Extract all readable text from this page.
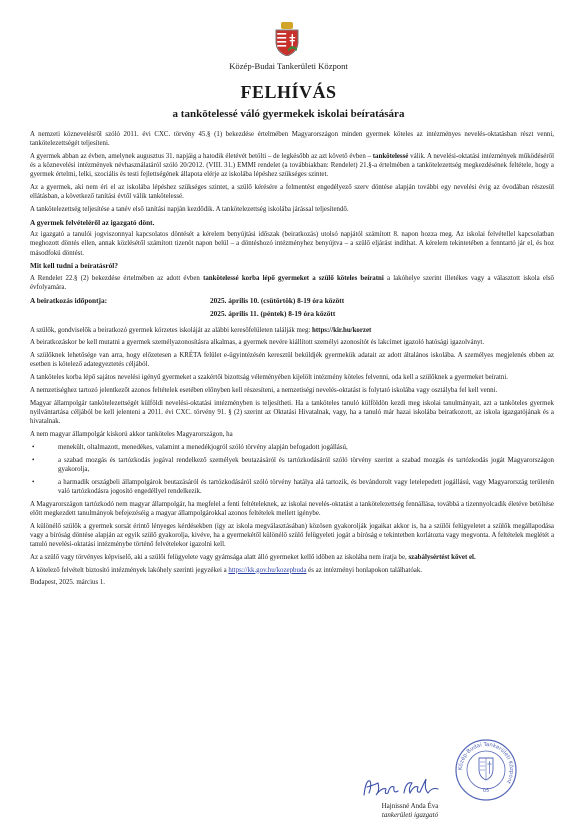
Közép-Budai Tankerületi Központ
FELHÍVÁS
a tankötelessé váló gyermekek iskolai beíratására

A nemzeti köznevelésről szóló 2011. évi CXC. törvény 45.§ (1) bekezdése értelmében Magyarországon minden gyermek köteles az intézményes nevelés-oktatásban részt venni, tankötelezettségét teljesíteni.

A gyermek abban az évben, amelynek augusztus 31. napjáig a hatodik életévét betölti – de legkésőbb az azt követő évben – tankötelessé válik. A nevelési-oktatási intézmények működéséről és a köznevelési intézmények névhasználatáról szóló 20/2012. (VIII. 31.) EMMI rendelet (a továbbiakban: Rendelet) 21.§-a értelmében a tankötelezettség megkezdésének feltétele, hogy a gyermek értelmi, lelki, szociális és testi fejlettségének állapota elérje az iskolába lépéshez szükséges szintet.

Az a gyermek, aki nem éri el az iskolába lépéshez szükséges szintet, a szülő kérésére a felmentést engedélyező szerv döntése alapján további egy nevelési évig az óvodában részesül ellátásban, a következő tanítási évtől válik tankötelessé.

A tankötelezettség teljesítése a tanév első tanítási napján kezdődik. A tankötelezettség iskolába járással teljesítendő.

A gyermek felvételéről az igazgató dönt.

Az igazgató a tanulói jogviszonnyal kapcsolatos döntését a kérelem benyújtási időszak (beiratkozás) utolsó napjától számított 8. napon hozza meg. Az iskolai felvétellel kapcsolatban meghozott döntés ellen, annak közlésétől számított tizenöt napon belül – a döntéshozó intézményhez benyújtva – a szülő eljárást indíthat. A kérelem tekintetében a fenntartó jár el, és hoz másodfokú döntést.

Mit kell tudni a beíratásról?

A Rendelet 22.§ (2) bekezdése értelmében az adott évben tankötelessé korba lépő gyermeket a szülő köteles beíratni a lakóhelye szerint illetékes vagy a választott iskola első évfolyamára.

A beiratkozás időpontja:	2025. április 10. (csütörtök) 8-19 óra között
2025. április 11. (péntek) 8-19 óra között

A szülők, gondviselők a beiratkozó gyermek körzetes iskoláját az alábbi keresőfelületen találják meg: https://kir.hu/korzet

A beiratkozáskor be kell mutatni a gyermek személyazonosításra alkalmas, a gyermek nevére kiállított személyi azonosítót és lakcímet igazoló hatósági igazolványt.

A szülőknek lehetősége van arra, hogy előzetesen a KRÉTA felület e-ügyintézésén keresztül beküldjék gyermekük adatait az adott általános iskolába. A személyes megjelenés ebben az esetben is kötelező adategyeztetés céljából.

A tanköteles korba lépő sajátos nevelési igényű gyermeket a szakértői bizottság véleményében kijelölt intézmény köteles felvenni, oda kell a szülőknek a gyermeket beíratni.

A nemzetiséghez tartozó jelentkezőt azonos feltételek esetében előnyben kell részesíteni, a nemzetiségi nevelés-oktatást is folytató iskolába vagy osztályba fel kell venni.

Magyar állampolgár tankötelezettségét külföldi nevelési-oktatási intézményben is teljesítheti. Ha a tanköteles tanuló külföldön kezdi meg iskolai tanulmányait, azt a tanköteles gyermek nyilvántartása céljából be kell jelenteni a 2011. évi CXC. törvény 91. § (2) szerint az Oktatási Hivatalnak, vagy, ha a tanuló már hazai iskolába beiratkozott, az iskola igazgatójának és a hivatalnak.

A nem magyar állampolgár kiskorú akkor tanköteles Magyarországon, ha

•	menekült, oltalmazott, menedékes, valamint a menedékjogról szóló törvény alapján befogadott jogállású,
•	a szabad mozgás és tartózkodás jogával rendelkező személyek beutazásáról és tartózkodásáról szóló törvény szerint a szabad mozgás és tartózkodás jogát Magyarországon gyakorolja,
•	a harmadik országbeli állampolgárok beutazásáról és tartózkodásáról szóló törvény hatálya alá tartozik, és bevándorolt vagy letelepedett jogállású, vagy Magyarország területén való tartózkodásra jogosító engedéllyel rendelkezik.

A Magyarországon tartózkodó nem magyar állampolgár, ha megfelel a fenti feltételeknek, az iskolai nevelés-oktatást a tankötelezettség fennállása, továbbá a tizennyolcadik életéve betöltése előtt megkezdett tanulmányok befejezéséig a magyar állampolgárokkal azonos feltételek mellett igénybe.

A különélő szülők a gyermek sorsát érintő lényeges kérdésekben (így az iskola megválasztásában) közösen gyakorolják jogaikat akkor is, ha a szülői felügyeletet a szülők megállapodása vagy a bíróság döntése alapján az egyik szülő gyakorolja, kivéve, ha a gyermekétől különélő szülő felügyeleti jogát a bíróság e tekintetben korlátozta vagy megvonta. A feltételek meglétét a tanuló nevelési-oktatási intézménybe történő felvételekor igazolni kell.

Az a szülő vagy törvényes képviselő, aki a szülői felügyelete vagy gyámsága alatt álló gyermeket kellő időben az iskolába nem íratja be, szabálysértést követ el.

A kötelező felvételt biztosító intézmények lakóhely szerinti jegyzékei a https://kk.gov.hu/kozepbuda és az intézményi honlapokon találhatóak.

Budapest, 2025. március 1.

Közép-Budai Tankerületi Központ
05
Hajnissné Anda Éva
tankerületi igazgató
